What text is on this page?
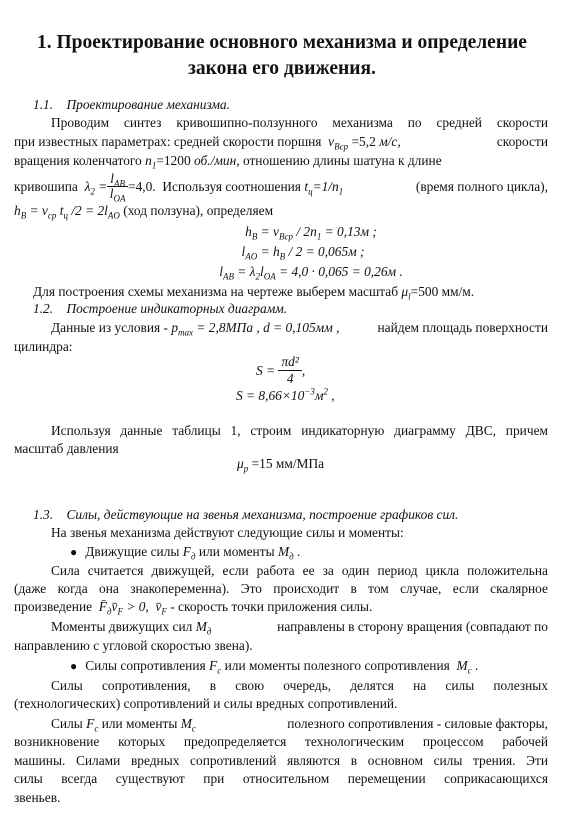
1. Проектирование основного механизма и определение
закона его движения.
1.1.    Проектирование механизма.
Проводим синтез кривошипно-ползунного механизма по средней скорости
при известных параметрах: средней скорости поршня $v_{Вср} =5,2$ м/с,	скорости
вращения коленчатого $n_1=1200$ об./мин, отношению длины шатуна к длине
кривошипа
$\lambda_2 = \frac{l_{AB}}{l_{OA}} =4,0$.
Используя соотношения
$t_ц=1/n_1$	(время полного цикла),
$h_B = v_{ср}$ $t_ц$ $/2 = 2l_{AO}$ (ход ползуна), определяем
$h_B = v_{Вср} / 2n_1 = 0,13м$ ;
$l_{AO} = h_B / 2 = 0,065м$ ;
$l_{AB} = \lambda_2l_{OA} = 4,0 \cdot 0,065 = 0,26м$ .
Для построения схемы механизма на чертеже выберем масштаб $\mu_l=500$ мм/м.
1.2.    Построение индикаторных диаграмм.
Данные из условия - $p_{max} = 2,8МПа$ , d = 0,105мм ,	найдем площадь поверхности
цилиндра:
S =
$\frac{\text{πd²}}{4}$ ,
$S = 8,66\times 10^{-3}м^2$ ,
Используя данные таблицы 1, строим индикаторную диаграмму ДВС, причем
масштаб давления
$\mu_p =15$ мм/МПа
1.3.    Силы, действующие на звенья механизма, построение графиков сил.
На звенья механизма действуют следующие силы и моменты:
● Движущие силы $F_д$ или моменты $M_д$ .
Сила считается движущей, если работа ее за один период цикла положительна
(даже когда она знакопеременна). Это происходит в том случае, если скалярное
произведение $F̄_дv̄_F > 0$,  $v̄_F$ - скорость точки приложения силы.
Моменты движущих сил $M_д$	направлены в сторону вращения (совпадают по
направлению с угловой скоростью звена).
● Силы сопротивления $F_c$ или моменты полезного сопротивления  $M_c$ .
Силы сопротивления, в свою очередь, делятся на силы полезных
(технологических) сопротивлений и силы вредных сопротивлений.
Силы $F_c$ или моменты $M_c$	полезного сопротивления - силовые факторы,
возникновение которых предопределяется технологическим процессом рабочей
машины. Силами вредных сопротивлений являются в основном силы трения. Эти
силы всегда существуют при относительном перемещении соприкасающихся
звеньев.
